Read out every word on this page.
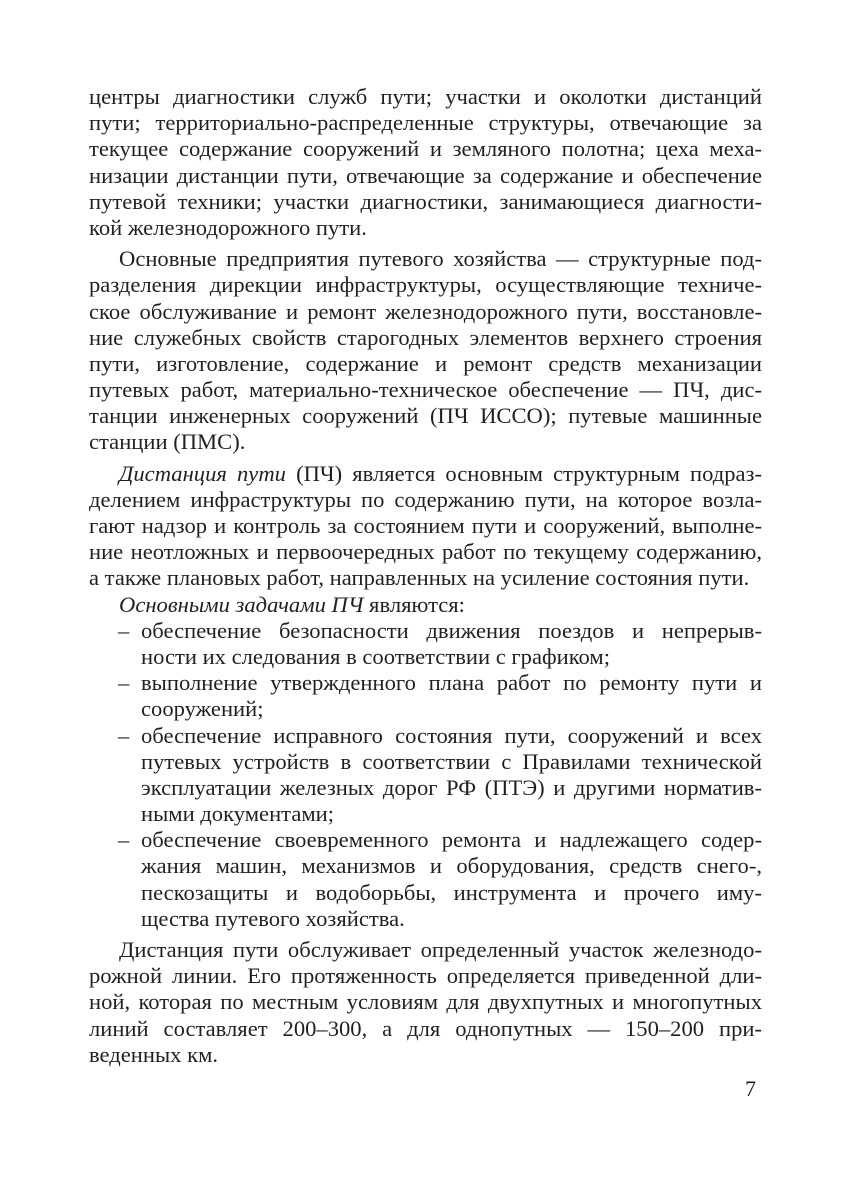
центры диагностики служб пути; участки и околотки дистанций
пути; территориально-распределенные структуры, отвечающие за
текущее содержание сооружений и земляного полотна; цеха меха-
низации дистанции пути, отвечающие за содержание и обеспечение
путевой техники; участки диагностики, занимающиеся диагности-
кой железнодорожного пути.
Основные предприятия путевого хозяйства — структурные под-
разделения дирекции инфраструктуры, осуществляющие техниче-
ское обслуживание и ремонт железнодорожного пути, восстановле-
ние служебных свойств старогодных элементов верхнего строения
пути, изготовление, содержание и ремонт средств механизации
путевых работ, материально-техническое обеспечение — ПЧ, дис-
танции инженерных сооружений (ПЧ ИССО); путевые машинные
станции (ПМС).
Дистанция пути (ПЧ) является основным структурным подраз-
делением инфраструктуры по содержанию пути, на которое возла-
гают надзор и контроль за состоянием пути и сооружений, выполне-
ние неотложных и первоочередных работ по текущему содержанию,
а также плановых работ, направленных на усиление состояния пути.
Основными задачами ПЧ являются:
– обеспечение безопасности движения поездов и непрерыв-
ности их следования в соответствии с графиком;
– выполнение утвержденного плана работ по ремонту пути и
сооружений;
– обеспечение исправного состояния пути, сооружений и всех
путевых устройств в соответствии с Правилами технической
эксплуатации железных дорог РФ (ПТЭ) и другими норматив-
ными документами;
– обеспечение своевременного ремонта и надлежащего содер-
жания машин, механизмов и оборудования, средств снего-,
пескозащиты и водоборьбы, инструмента и прочего иму-
щества путевого хозяйства.
Дистанция пути обслуживает определенный участок железнодо-
рожной линии. Его протяженность определяется приведенной дли-
ной, которая по местным условиям для двухпутных и многопутных
линий составляет 200–300, а для однопутных — 150–200 при-
веденных км.
7
